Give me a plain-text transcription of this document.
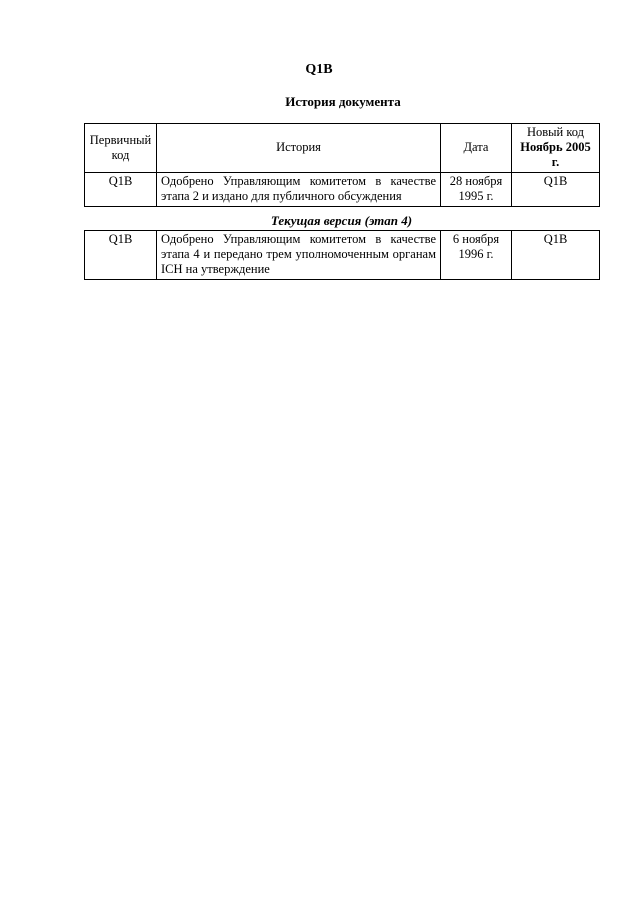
Q1B
История документа
Первичный код	История	Дата	Новый код
Ноябрь 2005 г.

Q1B	Одобрено Управляющим комитетом в качестве этапа 2 и издано для публичного обсуждения	28 ноября 1995 г.	Q1B
Текущая версия (этап 4)
Q1B	Одобрено Управляющим комитетом в качестве этапа 4 и передано трем уполномоченным органам ICH на утверждение	6 ноября 1996 г.	Q1B
